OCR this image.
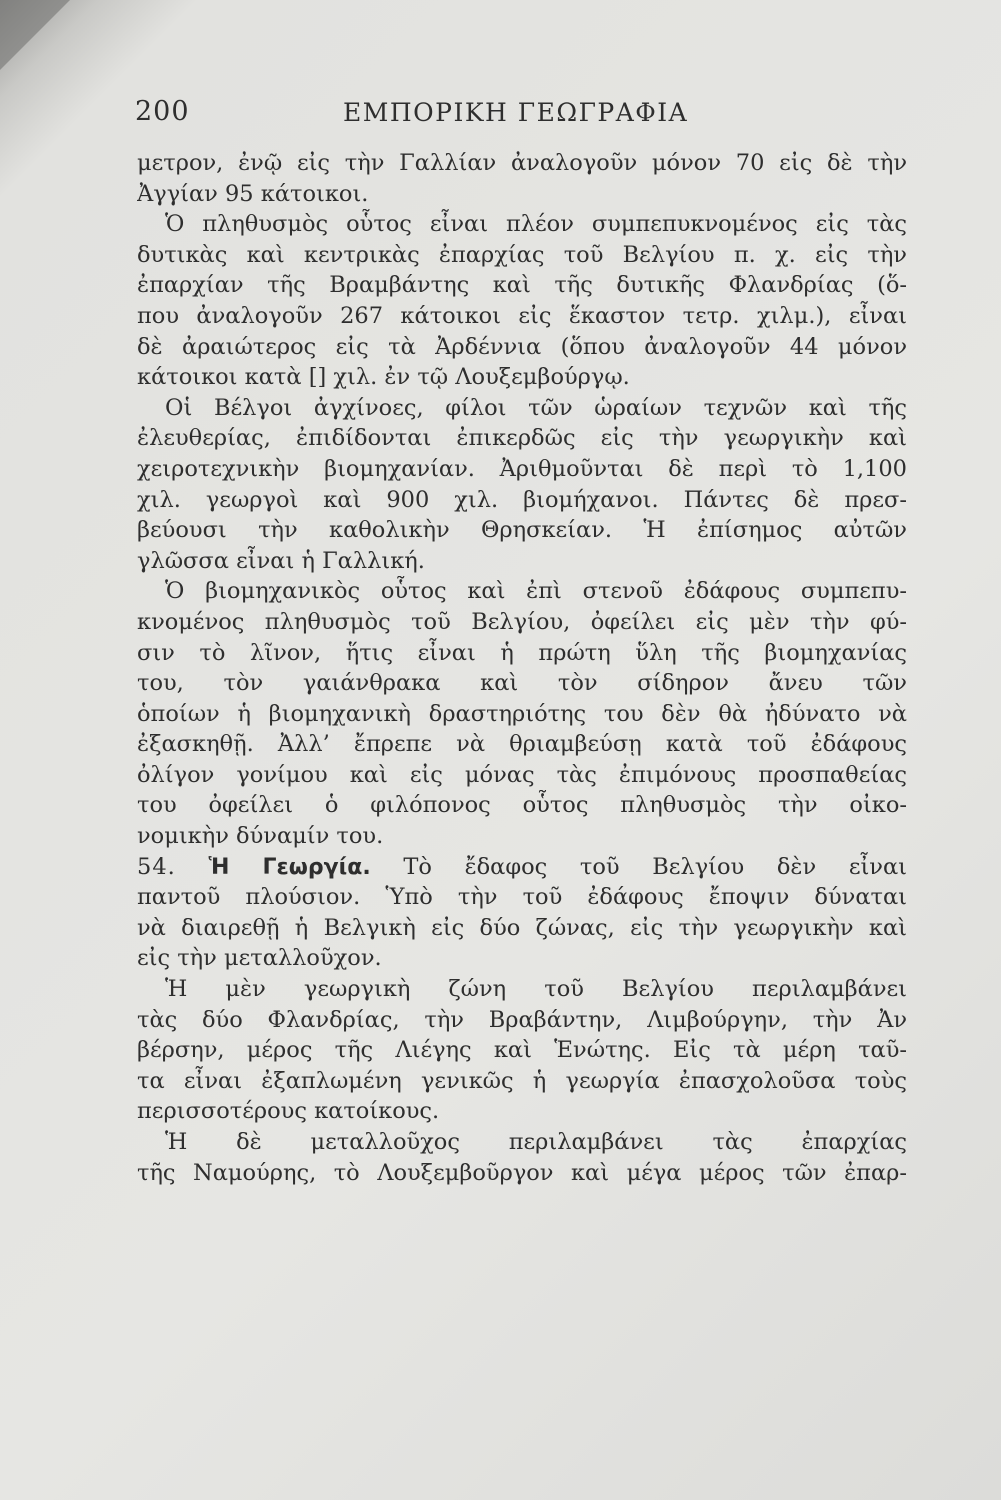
200	ΕΜΠΟΡΙΚΗ ΓΕΩΓΡΑΦΙΑ
μετρον, ἐνῷ εἰς τὴν Γαλλίαν ἀναλογοῦν μόνον 70 εἰς δὲ τὴν
Ἀγγίαν 95 κάτοικοι.
Ὁ πληθυσμὸς οὗτος εἶναι πλέον συμπεπυκνομένος εἰς τὰς
δυτικὰς καὶ κεντρικὰς ἐπαρχίας τοῦ Βελγίου π. χ. εἰς τὴν
ἐπαρχίαν τῆς Βραμβάντης καὶ τῆς δυτικῆς Φλανδρίας (ὅ-
που ἀναλογοῦν 267 κάτοικοι εἰς ἕκαστον τετρ. χιλμ.), εἶναι
δὲ ἀραιώτερος εἰς τὰ Ἀρδέννια (ὅπου ἀναλογοῦν 44 μόνον
κάτοικοι κατὰ [] χιλ. ἐν τῷ Λουξεμβούργῳ.
Οἱ Βέλγοι ἀγχίνοες, φίλοι τῶν ὡραίων τεχνῶν καὶ τῆς
ἐλευθερίας, ἐπιδίδονται ἐπικερδῶς εἰς τὴν γεωργικὴν καὶ
χειροτεχνικὴν βιομηχανίαν. Ἀριθμοῦνται δὲ περὶ τὸ 1,100
χιλ. γεωργοὶ καὶ 900 χιλ. βιομήχανοι. Πάντες δὲ πρεσ-
βεύουσι τὴν καθολικὴν Θρησκείαν. Ἡ ἐπίσημος αὐτῶν
γλῶσσα εἶναι ἡ Γαλλική.
Ὁ βιομηχανικὸς οὗτος καὶ ἐπὶ στενοῦ ἐδάφους συμπεπυ-
κνομένος πληθυσμὸς τοῦ Βελγίου, ὀφείλει εἰς μὲν τὴν φύ-
σιν τὸ λῖνον, ἥτις εἶναι ἡ πρώτη ὕλη τῆς βιομηχανίας
του, τὸν γαιάνθρακα καὶ τὸν σίδηρον ἄνευ τῶν
ὁποίων ἡ βιομηχανικὴ δραστηριότης του δὲν θὰ ἠδύνατο νὰ
ἐξασκηθῇ. Ἀλλ’ ἔπρεπε νὰ θριαμβεύσῃ κατὰ τοῦ ἐδάφους
ὀλίγον γονίμου καὶ εἰς μόνας τὰς ἐπιμόνους προσπαθείας
του ὀφείλει ὁ φιλόπονος οὗτος πληθυσμὸς τὴν οἰκο-
νομικὴν δύναμίν του.
54. Ἡ Γεωργία. Τὸ ἔδαφος τοῦ Βελγίου δὲν εἶναι
παντοῦ πλούσιον. Ὑπὸ τὴν τοῦ ἐδάφους ἔποψιν δύναται
νὰ διαιρεθῇ ἡ Βελγικὴ εἰς δύο ζώνας, εἰς τὴν γεωργικὴν καὶ
εἰς τὴν μεταλλοῦχον.
Ἡ μὲν γεωργικὴ ζώνη τοῦ Βελγίου περιλαμβάνει
τὰς δύο Φλανδρίας, τὴν Βραβάντην, Λιμβούργην, τὴν Ἀν
βέρσην, μέρος τῆς Λιέγης καὶ Ἑνώτης. Εἰς τὰ μέρη ταῦ-
τα εἶναι ἐξαπλωμένη γενικῶς ἡ γεωργία ἐπασχολοῦσα τοὺς
περισσοτέρους κατοίκους.
Ἡ δὲ μεταλλοῦχος περιλαμβάνει τὰς ἐπαρχίας
τῆς Ναμούρης, τὸ Λουξεμβοῦργον καὶ μέγα μέρος τῶν ἐπαρ-
